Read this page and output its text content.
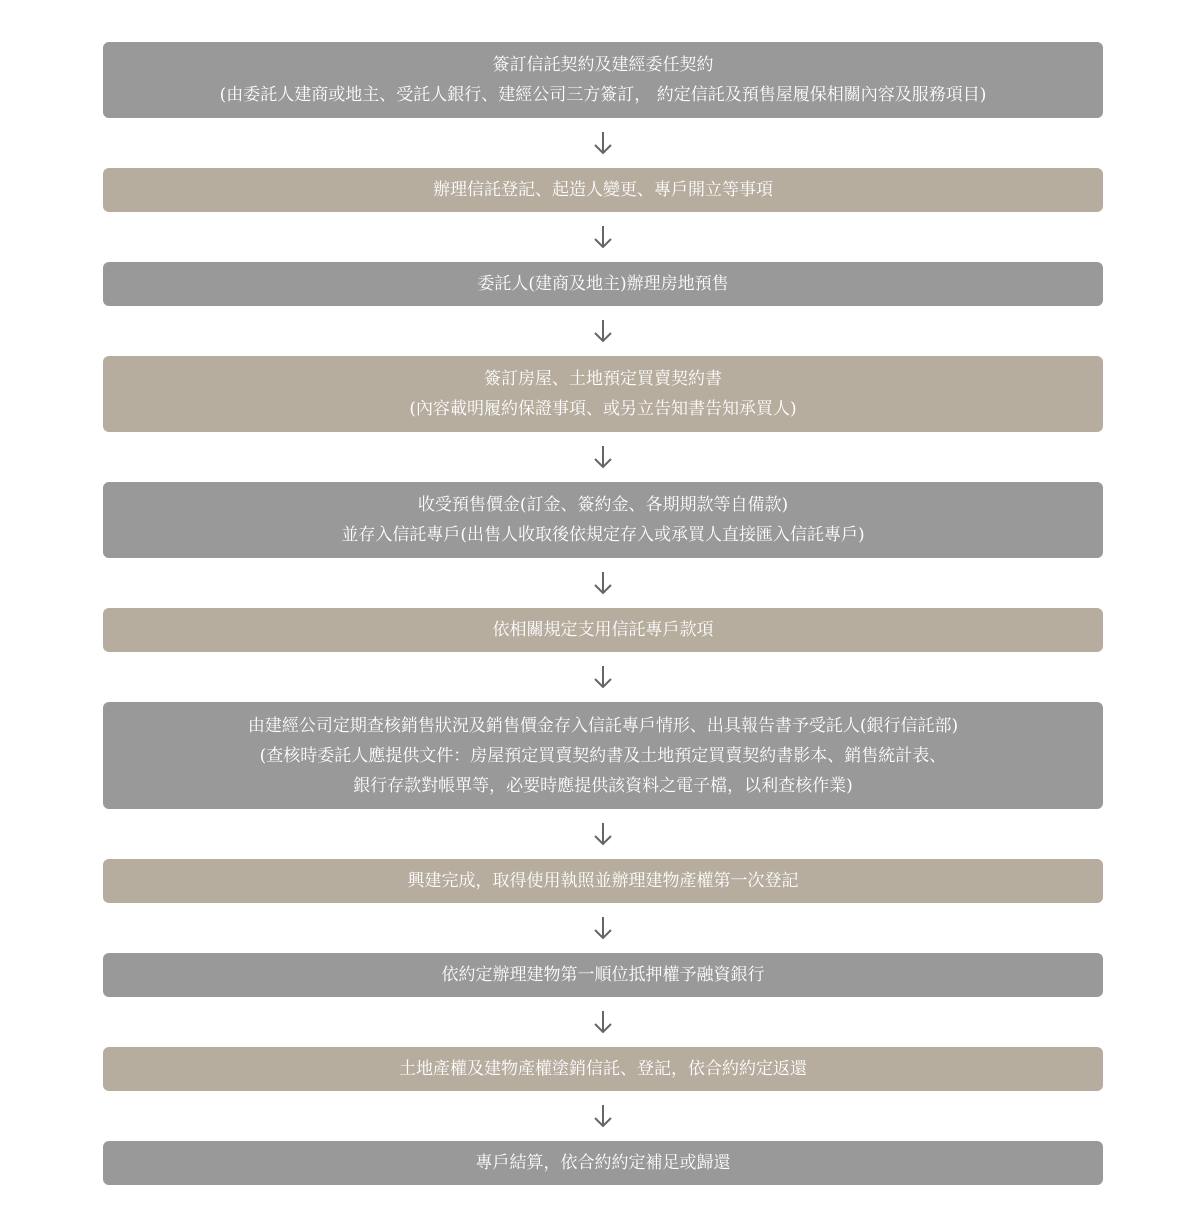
簽訂信託契約及建經委任契約
(由委託人建商或地主、受託人銀行、建經公司三方簽訂， 約定信託及預售屋履保相關內容及服務項目)
辦理信託登記、起造人變更、專戶開立等事項
委託人(建商及地主)辦理房地預售
簽訂房屋、土地預定買賣契約書
(內容載明履約保證事項、或另立告知書告知承買人)
收受預售價金(訂金、簽約金、各期期款等自備款)
並存入信託專戶(出售人收取後依規定存入或承買人直接匯入信託專戶)
依相關規定支用信託專戶款項
由建經公司定期查核銷售狀況及銷售價金存入信託專戶情形、出具報告書予受託人(銀行信託部)
(查核時委託人應提供文件：房屋預定買賣契約書及土地預定買賣契約書影本、銷售統計表、
銀行存款對帳單等，必要時應提供該資料之電子檔，以利查核作業)
興建完成，取得使用執照並辦理建物產權第一次登記
依約定辦理建物第一順位抵押權予融資銀行
土地產權及建物產權塗銷信託、登記，依合約約定返還
專戶結算，依合約約定補足或歸還
